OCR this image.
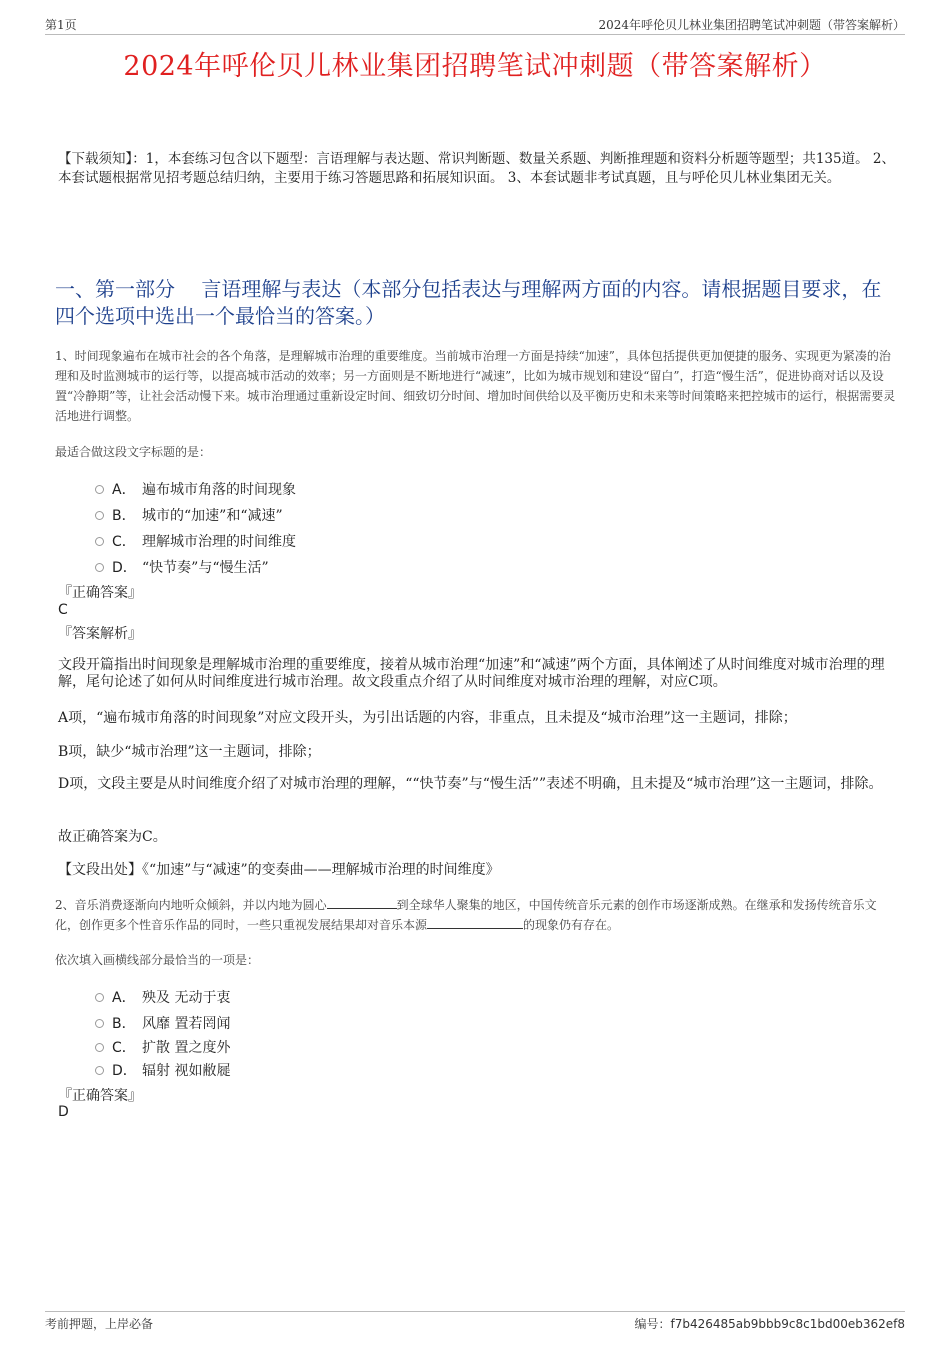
第1页	2024年呼伦贝儿林业集团招聘笔试冲刺题（带答案解析）
2024年呼伦贝儿林业集团招聘笔试冲刺题（带答案解析）
【下载须知】：1，本套练习包含以下题型：言语理解与表达题、常识判断题、数量关系题、判断推理题和资料分析题等题型；共135道。 2、本套试题根据常见招考题总结归纳，主要用于练习答题思路和拓展知识面。 3、本套试题非考试真题，且与呼伦贝儿林业集团无关。
一、第一部分　 言语理解与表达（本部分包括表达与理解两方面的内容。请根据题目要求，在四个选项中选出一个最恰当的答案。）
1、时间现象遍布在城市社会的各个角落，是理解城市治理的重要维度。当前城市治理一方面是持续“加速”，具体包括提供更加便捷的服务、实现更为紧凑的治理和及时监测城市的运行等，以提高城市活动的效率；另一方面则是不断地进行“减速”，比如为城市规划和建设“留白”，打造“慢生活”，促进协商对话以及设置“冷静期”等，让社会活动慢下来。城市治理通过重新设定时间、细致切分时间、增加时间供给以及平衡历史和未来等时间策略来把控城市的运行，根据需要灵活地进行调整。
最适合做这段文字标题的是：
A． 遍布城市角落的时间现象
B． 城市的“加速”和“减速”
C． 理解城市治理的时间维度
D． “快节奏”与“慢生活”
『正确答案』
C
『答案解析』
文段开篇指出时间现象是理解城市治理的重要维度，接着从城市治理“加速”和“减速”两个方面，具体阐述了从时间维度对城市治理的理解，尾句论述了如何从时间维度进行城市治理。故文段重点介绍了从时间维度对城市治理的理解，对应C项。
A项，“遍布城市角落的时间现象”对应文段开头，为引出话题的内容，非重点，且未提及“城市治理”这一主题词，排除；
B项，缺少“城市治理”这一主题词，排除；
D项，文段主要是从时间维度介绍了对城市治理的理解，““快节奏”与“慢生活””表述不明确，且未提及“城市治理”这一主题词，排除。
故正确答案为C。
【文段出处】《“加速”与“减速”的变奏曲——理解城市治理的时间维度》
2、音乐消费逐渐向内地听众倾斜，并以内地为圆心	到全球华人聚集的地区，中国传统音乐元素的创作市场逐渐成熟。在继承和发扬传统音乐文化，创作更多个性音乐作品的同时，一些只重视发展结果却对音乐本源	的现象仍有存在。
依次填入画横线部分最恰当的一项是：
A． 殃及 无动于衷
B． 风靡 置若罔闻
C． 扩散 置之度外
D． 辐射 视如敝屣
『正确答案』
D
考前押题，上岸必备	编号：f7b426485ab9bbb9c8c1bd00eb362ef8
